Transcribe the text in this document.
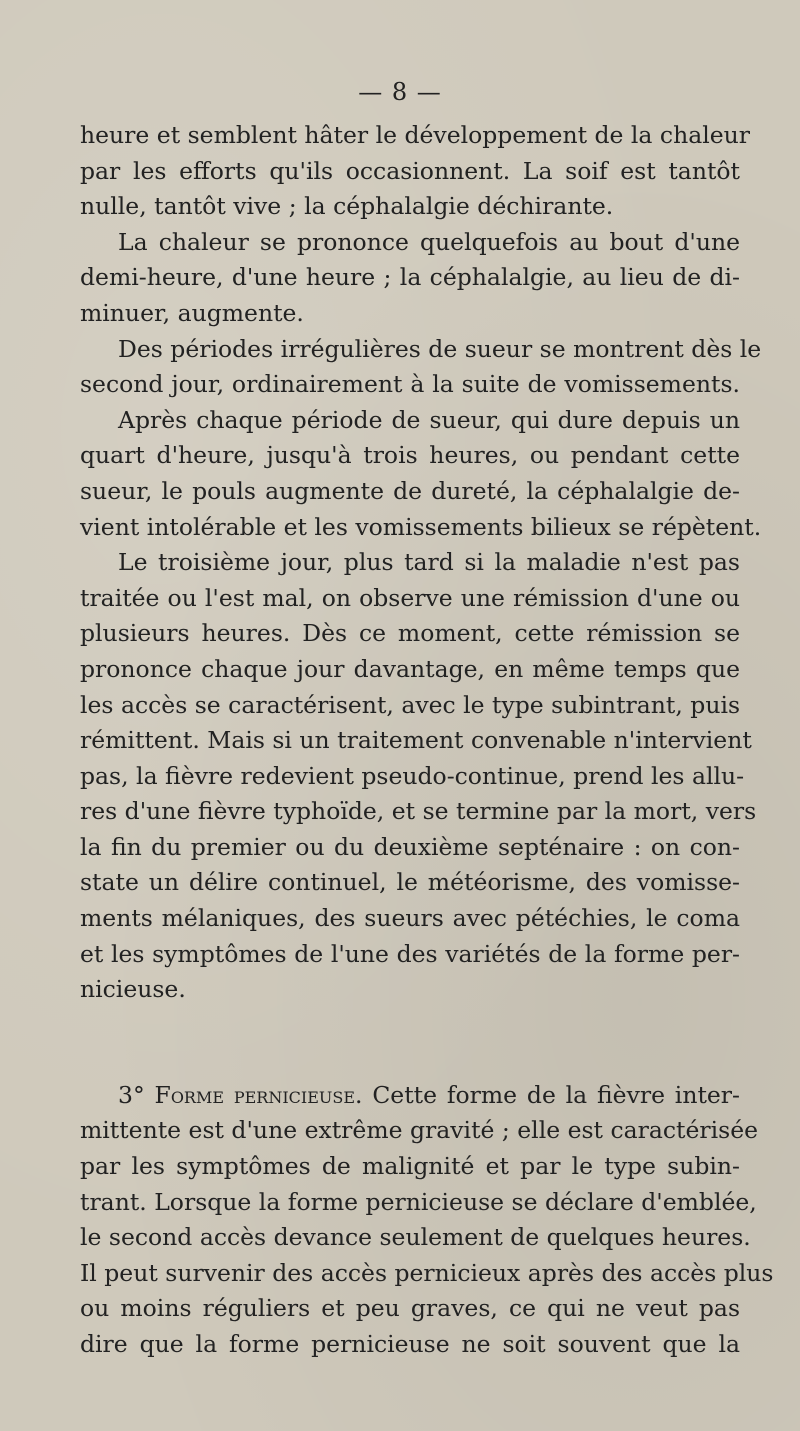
— 8 —
heure et semblent hâter le développement de la chaleur
par les efforts qu'ils occasionnent. La soif est tantôt
nulle, tantôt vive ; la céphalalgie déchirante.
La chaleur se prononce quelquefois au bout d'une
demi-heure, d'une heure ; la céphalalgie, au lieu de di-
minuer, augmente.
Des périodes irrégulières de sueur se montrent dès le
second jour, ordinairement à la suite de vomissements.
Après chaque période de sueur, qui dure depuis un
quart d'heure, jusqu'à trois heures, ou pendant cette
sueur, le pouls augmente de dureté, la céphalalgie de-
vient intolérable et les vomissements bilieux se répètent.
Le troisième jour, plus tard si la maladie n'est pas
traitée ou l'est mal, on observe une rémission d'une ou
plusieurs heures. Dès ce moment, cette rémission se
prononce chaque jour davantage, en même temps que
les accès se caractérisent, avec le type subintrant, puis
rémittent. Mais si un traitement convenable n'intervient
pas, la fièvre redevient pseudo-continue, prend les allu-
res d'une fièvre typhoïde, et se termine par la mort, vers
la fin du premier ou du deuxième septénaire : on con-
state un délire continuel, le météorisme, des vomisse-
ments mélaniques, des sueurs avec pétéchies, le coma
et les symptômes de l'une des variétés de la forme per-
nicieuse.
3° Forme pernicieuse. Cette forme de la fièvre inter-
mittente est d'une extrême gravité ; elle est caractérisée
par les symptômes de malignité et par le type subin-
trant. Lorsque la forme pernicieuse se déclare d'emblée,
le second accès devance seulement de quelques heures.
Il peut survenir des accès pernicieux après des accès plus
ou moins réguliers et peu graves, ce qui ne veut pas
dire que la forme pernicieuse ne soit souvent que la
